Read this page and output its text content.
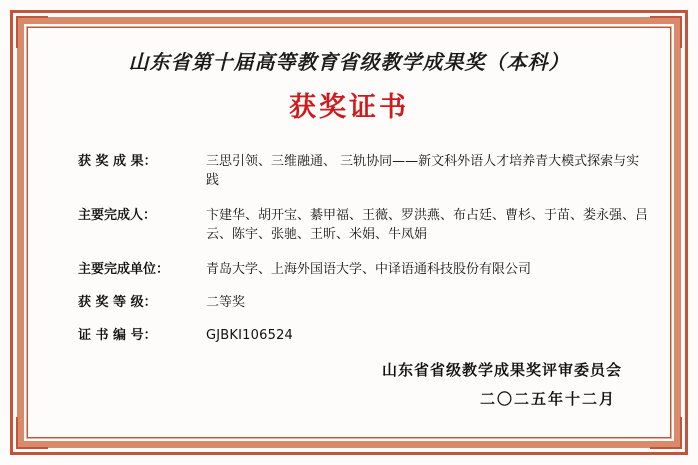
山东省第十届高等教育省级教学成果奖（本科）
获奖证书
获 奖 成 果：	三思引领、三维融通、 三轨协同——新文科外语人才培养青大模式探索与实践
主要完成人：	卞建华、胡开宝、綦甲福、王薇、罗洪燕、布占廷、曹杉、于苗、娄永强、吕云、陈宇、张驰、王昕、米娟、牛凤娟
主要完成单位：	青岛大学、上海外国语大学、中译语通科技股份有限公司
获 奖 等 级：	二等奖
证 书 编 号：	GJBKI106524
山东省省级教学成果奖评审委员会
二〇二五年十二月
